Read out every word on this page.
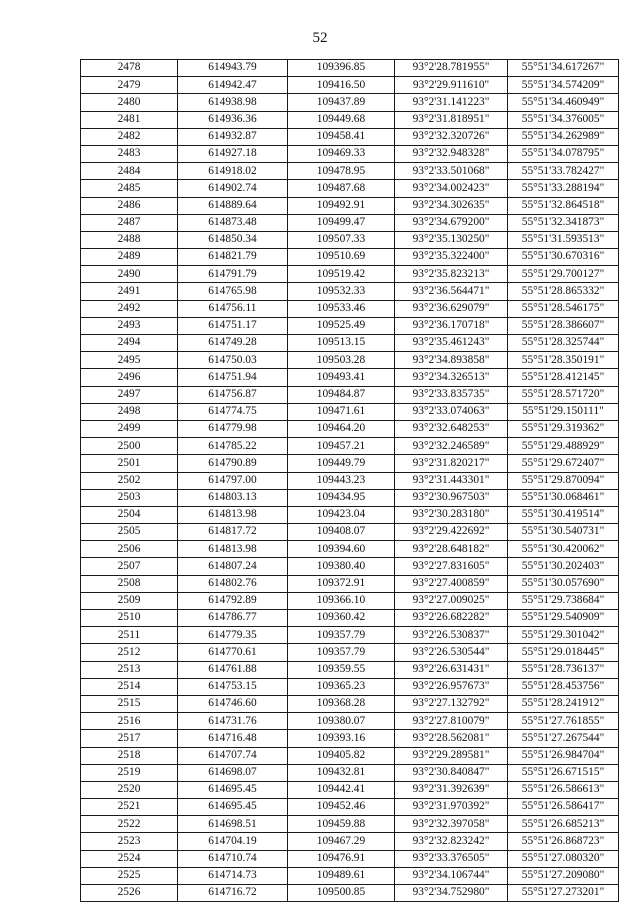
52
2478	614943.79	109396.85	93°2'28.781955"	55°51'34.617267"
2479	614942.47	109416.50	93°2'29.911610"	55°51'34.574209"
2480	614938.98	109437.89	93°2'31.141223"	55°51'34.460949"
2481	614936.36	109449.68	93°2'31.818951"	55°51'34.376005"
2482	614932.87	109458.41	93°2'32.320726"	55°51'34.262989"
2483	614927.18	109469.33	93°2'32.948328"	55°51'34.078795"
2484	614918.02	109478.95	93°2'33.501068"	55°51'33.782427"
2485	614902.74	109487.68	93°2'34.002423"	55°51'33.288194"
2486	614889.64	109492.91	93°2'34.302635"	55°51'32.864518"
2487	614873.48	109499.47	93°2'34.679200"	55°51'32.341873"
2488	614850.34	109507.33	93°2'35.130250"	55°51'31.593513"
2489	614821.79	109510.69	93°2'35.322400"	55°51'30.670316"
2490	614791.79	109519.42	93°2'35.823213"	55°51'29.700127"
2491	614765.98	109532.33	93°2'36.564471"	55°51'28.865332"
2492	614756.11	109533.46	93°2'36.629079"	55°51'28.546175"
2493	614751.17	109525.49	93°2'36.170718"	55°51'28.386607"
2494	614749.28	109513.15	93°2'35.461243"	55°51'28.325744"
2495	614750.03	109503.28	93°2'34.893858"	55°51'28.350191"
2496	614751.94	109493.41	93°2'34.326513"	55°51'28.412145"
2497	614756.87	109484.87	93°2'33.835735"	55°51'28.571720"
2498	614774.75	109471.61	93°2'33.074063"	55°51'29.150111"
2499	614779.98	109464.20	93°2'32.648253"	55°51'29.319362"
2500	614785.22	109457.21	93°2'32.246589"	55°51'29.488929"
2501	614790.89	109449.79	93°2'31.820217"	55°51'29.672407"
2502	614797.00	109443.23	93°2'31.443301"	55°51'29.870094"
2503	614803.13	109434.95	93°2'30.967503"	55°51'30.068461"
2504	614813.98	109423.04	93°2'30.283180"	55°51'30.419514"
2505	614817.72	109408.07	93°2'29.422692"	55°51'30.540731"
2506	614813.98	109394.60	93°2'28.648182"	55°51'30.420062"
2507	614807.24	109380.40	93°2'27.831605"	55°51'30.202403"
2508	614802.76	109372.91	93°2'27.400859"	55°51'30.057690"
2509	614792.89	109366.10	93°2'27.009025"	55°51'29.738684"
2510	614786.77	109360.42	93°2'26.682282"	55°51'29.540909"
2511	614779.35	109357.79	93°2'26.530837"	55°51'29.301042"
2512	614770.61	109357.79	93°2'26.530544"	55°51'29.018445"
2513	614761.88	109359.55	93°2'26.631431"	55°51'28.736137"
2514	614753.15	109365.23	93°2'26.957673"	55°51'28.453756"
2515	614746.60	109368.28	93°2'27.132792"	55°51'28.241912"
2516	614731.76	109380.07	93°2'27.810079"	55°51'27.761855"
2517	614716.48	109393.16	93°2'28.562081"	55°51'27.267544"
2518	614707.74	109405.82	93°2'29.289581"	55°51'26.984704"
2519	614698.07	109432.81	93°2'30.840847"	55°51'26.671515"
2520	614695.45	109442.41	93°2'31.392639"	55°51'26.586613"
2521	614695.45	109452.46	93°2'31.970392"	55°51'26.586417"
2522	614698.51	109459.88	93°2'32.397058"	55°51'26.685213"
2523	614704.19	109467.29	93°2'32.823242"	55°51'26.868723"
2524	614710.74	109476.91	93°2'33.376505"	55°51'27.080320"
2525	614714.73	109489.61	93°2'34.106744"	55°51'27.209080"
2526	614716.72	109500.85	93°2'34.752980"	55°51'27.273201"
